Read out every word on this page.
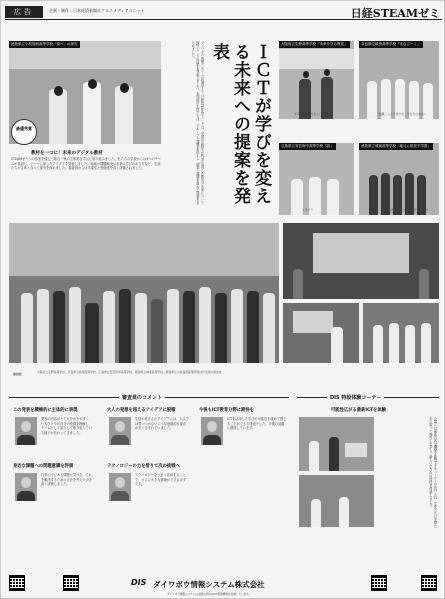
広告	企画・制作＝日本経済新聞社クロスメディアユニット	日経STEAMゼミ
徳島県立小松島西高等学校「食べ」の探究
最優秀賞
教材を一つに！未来のデジタル教材
STEAMゼミへの参加を通して総合一家の主体的な学びに取り組みました。私たちの学校からは4つのチームが参加し、テーマに即したアイデアを発表しました。地域の課題解決や未来の学びのあり方など、生徒たちが主体となって探究を深めました。審査員からは実現性と独創性を高く評価されました。	ダイワボウ情報システムが協賛する「日経STEAMゼミ」では、全国の高校生がICTを活用した教育の未来について探究し、その成果を発表しました。参加校の生徒たちは、グループで課題を設定し、調査と議論を重ねて提案をまとめました。	ＩＣＴが学びを変える未来への提案を発表	大阪府立生野高等学校「未来を守る教室」
すべての人にやさしい教室を
奈良県立畝傍高等学校「まなびーく」
「知識」ふえてますか、学び方の未来へ
広島県立安芸府中高等学校「活」
リカクラ
徳島県立城東高等学校「地元に根差す学習」
地域の課題解決と新しい学びの教材
参加校	大阪府立生野高等学校、奈良県立畝傍高等学校、広島県立安芸府中高等学校、徳島県立城東高等学校、徳島県立小松島西高等学校ほか全国の参加校
審査員のコメント
この発表を積極的に主体的に表現
発表の内容がとても分かりやすく、一人ひとりが自分の役割を理解し、チームとして協力して取り組んでいる様子が伝わってきました。
大人の発想を超えるアイデアに脱帽
生徒の皆さんのアイデアには、大人では思いつかないような独創的な視点が多く含まれていました。
今後もICT教育分野に期待を
ICTを活用した学びの可能性を改めて感じることができる発表でした。今後の活躍に期待しています。
身近な課題への問題意識を評価
日常の中にある課題に気づき、それを解決するための方法を考えた点を高く評価しました。
テクノロジーの力を借りて次の挑戦へ
テクノロジーをうまく活用することで、さらに大きな挑戦ができるはずです。
DIS 特設体験コーナー
可能性広がる最新ICTを体験
会場には最新のICT機器を体験できるコーナーが設けられ、生徒たちは実際に手に取って操作しながら、新しい学びの可能性を体感しました。
ダイワボウ情報システムは全国の学校のICT環境構築を支援しています。
DIS ダイワボウ情報システム株式会社
